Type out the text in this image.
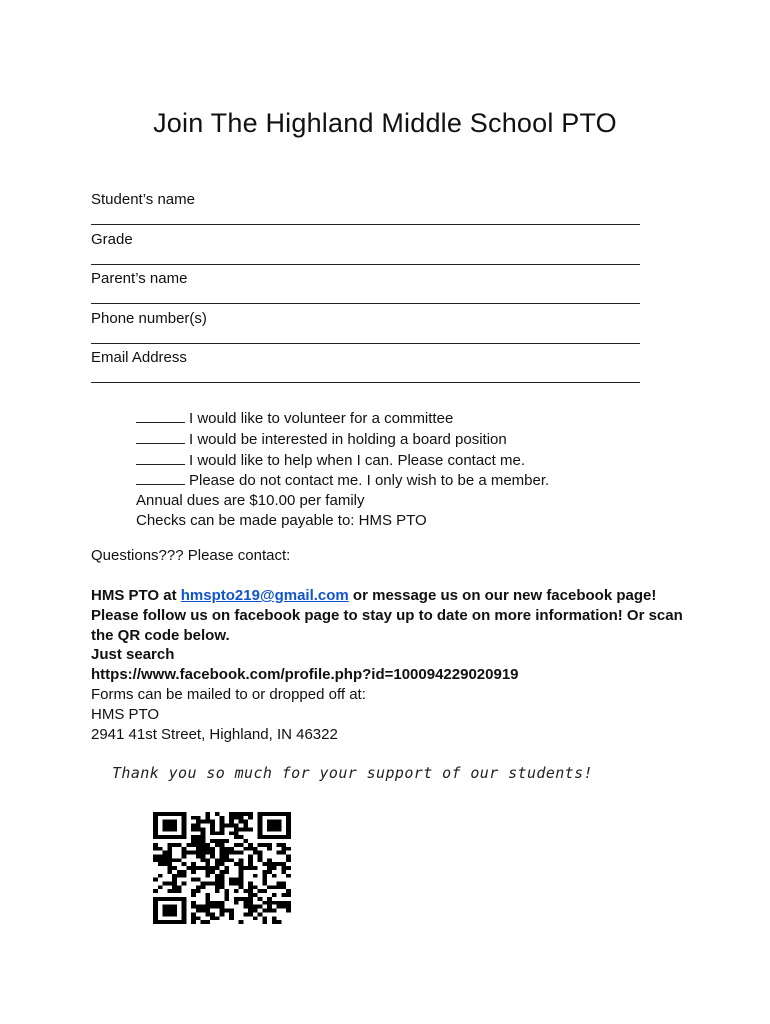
Join The Highland Middle School PTO
Student’s name
Grade
Parent’s name
Phone number(s)
Email Address
I would like to volunteer for a committee
I would be interested in holding a board position
I would like to help when I can. Please contact me.
Please do not contact me. I only wish to be a member.
Annual dues are $10.00 per family
Checks can be made payable to: HMS PTO
Questions??? Please contact:
HMS PTO at hmspto219@gmail.com or message us on our new facebook page! Please follow us on facebook page to stay up to date on more information! Or scan the QR code below.
Just search
https://www.facebook.com/profile.php?id=100094229020919
Forms can be mailed to or dropped off at:
HMS PTO
2941 41st Street, Highland, IN 46322
Thank you so much for your support of our students!
